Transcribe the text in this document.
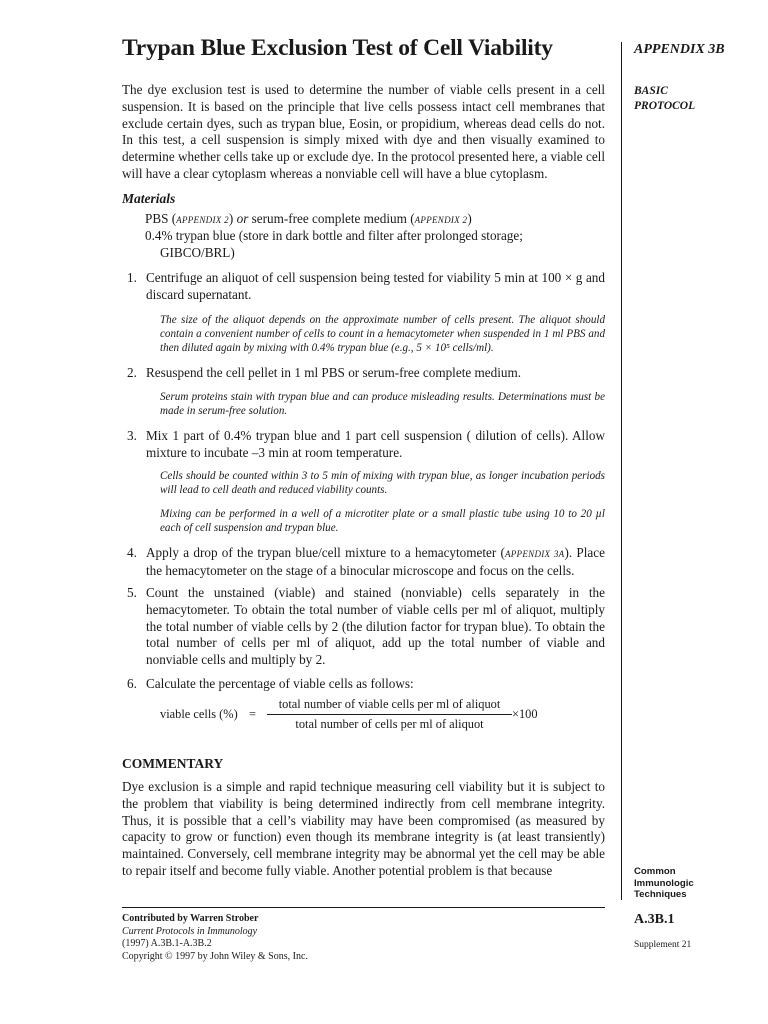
Trypan Blue Exclusion Test of Cell Viability	APPENDIX 3B
BASIC
PROTOCOL
The dye exclusion test is used to determine the number of viable cells present in a cell suspension. It is based on the principle that live cells possess intact cell membranes that exclude certain dyes, such as trypan blue, Eosin, or propidium, whereas dead cells do not. In this test, a cell suspension is simply mixed with dye and then visually examined to determine whether cells take up or exclude dye. In the protocol presented here, a viable cell will have a clear cytoplasm whereas a nonviable cell will have a blue cytoplasm.
Materials
PBS (APPENDIX 2) or serum-free complete medium (APPENDIX 2)
0.4% trypan blue (store in dark bottle and filter after prolonged storage;
GIBCO/BRL)
1. Centrifuge an aliquot of cell suspension being tested for viability 5 min at 100 × g and discard supernatant.
The size of the aliquot depends on the approximate number of cells present. The aliquot should contain a convenient number of cells to count in a hemacytometer when suspended in 1 ml PBS and then diluted again by mixing with 0.4% trypan blue (e.g., 5 × 10⁵ cells/ml).
2. Resuspend the cell pellet in 1 ml PBS or serum-free complete medium.
Serum proteins stain with trypan blue and can produce misleading results. Determinations must be made in serum-free solution.
3. Mix 1 part of 0.4% trypan blue and 1 part cell suspension ( dilution of cells). Allow mixture to incubate –3 min at room temperature.
Cells should be counted within 3 to 5 min of mixing with trypan blue, as longer incubation periods will lead to cell death and reduced viability counts.
Mixing can be performed in a well of a microtiter plate or a small plastic tube using 10 to 20 µl each of cell suspension and trypan blue.
4. Apply a drop of the trypan blue/cell mixture to a hemacytometer (APPENDIX 3A). Place the hemacytometer on the stage of a binocular microscope and focus on the cells.
5. Count the unstained (viable) and stained (nonviable) cells separately in the hemacytometer. To obtain the total number of viable cells per ml of aliquot, multiply the total number of viable cells by 2 (the dilution factor for trypan blue). To obtain the total number of cells per ml of aliquot, add up the total number of viable and nonviable cells and multiply by 2.
6. Calculate the percentage of viable cells as follows:
viable cells (%) =
total number of viable cells per ml of aliquot
total number of cells per ml of aliquot
×100
COMMENTARY
Dye exclusion is a simple and rapid technique measuring cell viability but it is subject to the problem that viability is being determined indirectly from cell membrane integrity. Thus, it is possible that a cell’s viability may have been compromised (as measured by capacity to grow or function) even though its membrane integrity is (at least transiently) maintained. Conversely, cell membrane integrity may be abnormal yet the cell may be able to repair itself and become fully viable. Another potential problem is that because	Common
Immunologic
Techniques
Contributed by Warren Strober
Current Protocols in Immunology
(1997) A.3B.1-A.3B.2
Copyright © 1997 by John Wiley & Sons, Inc.
A.3B.1
Supplement 21
